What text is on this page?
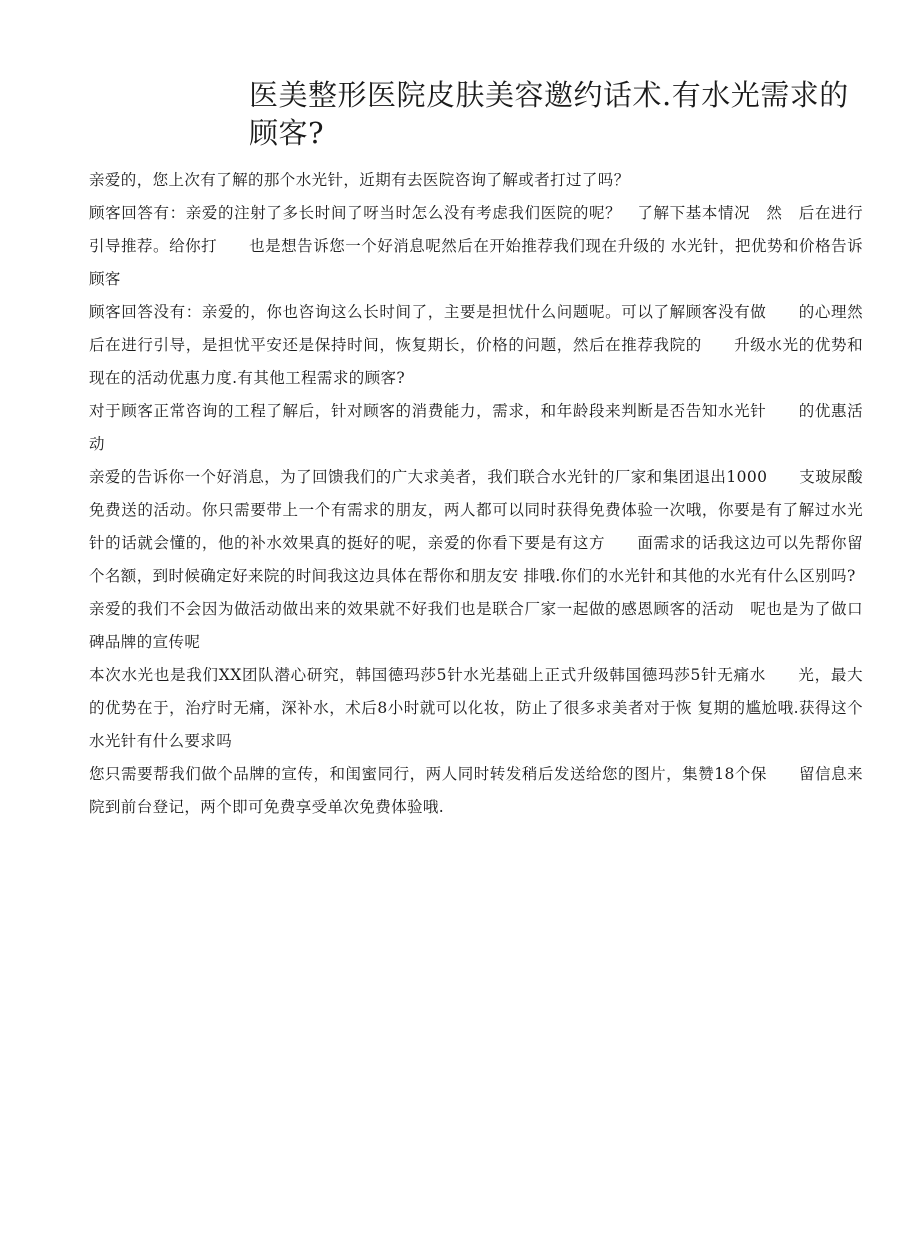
医美整形医院皮肤美容邀约话术.有水光需求的顾客?

亲爱的，您上次有了解的那个水光针，近期有去医院咨询了解或者打过了吗？

顾客回答有：亲爱的注射了多长时间了呀当时怎么没有考虑我们医院的呢？　了解下基本情况　然　后在进行引导推荐。给你打　　也是想告诉您一个好消息呢然后在开始推荐我们现在升级的 水光针，把优势和价格告诉顾客

顾客回答没有：亲爱的，你也咨询这么长时间了，主要是担忧什么问题呢。可以了解顾客没有做　　的心理然后在进行引导，是担忧平安还是保持时间，恢复期长，价格的问题，然后在推荐我院的　　升级水光的优势和现在的活动优惠力度.有其他工程需求的顾客?

对于顾客正常咨询的工程了解后，针对顾客的消费能力，需求，和年龄段来判断是否告知水光针　　的优惠活动

亲爱的告诉你一个好消息，为了回馈我们的广大求美者，我们联合水光针的厂家和集团退出1000　　支玻尿酸免费送的活动。你只需要带上一个有需求的朋友，两人都可以同时获得免费体验一次哦，你要是有了解过水光针的话就会懂的，他的补水效果真的挺好的呢，亲爱的你看下要是有这方　　面需求的话我这边可以先帮你留个名额，到时候确定好来院的时间我这边具体在帮你和朋友安 排哦.你们的水光针和其他的水光有什么区别吗?

亲爱的我们不会因为做活动做出来的效果就不好我们也是联合厂家一起做的感恩顾客的活动　呢也是为了做口碑品牌的宣传呢

本次水光也是我们XX团队潜心研究，韩国德玛莎5针水光基础上正式升级韩国德玛莎5针无痛水　　光，最大的优势在于，治疗时无痛，深补水，术后8小时就可以化妆，防止了很多求美者对于恢 复期的尴尬哦.获得这个水光针有什么要求吗

您只需要帮我们做个品牌的宣传，和闺蜜同行，两人同时转发稍后发送给您的图片，集赞18个保　　留信息来院到前台登记，两个即可免费享受单次免费体验哦.
